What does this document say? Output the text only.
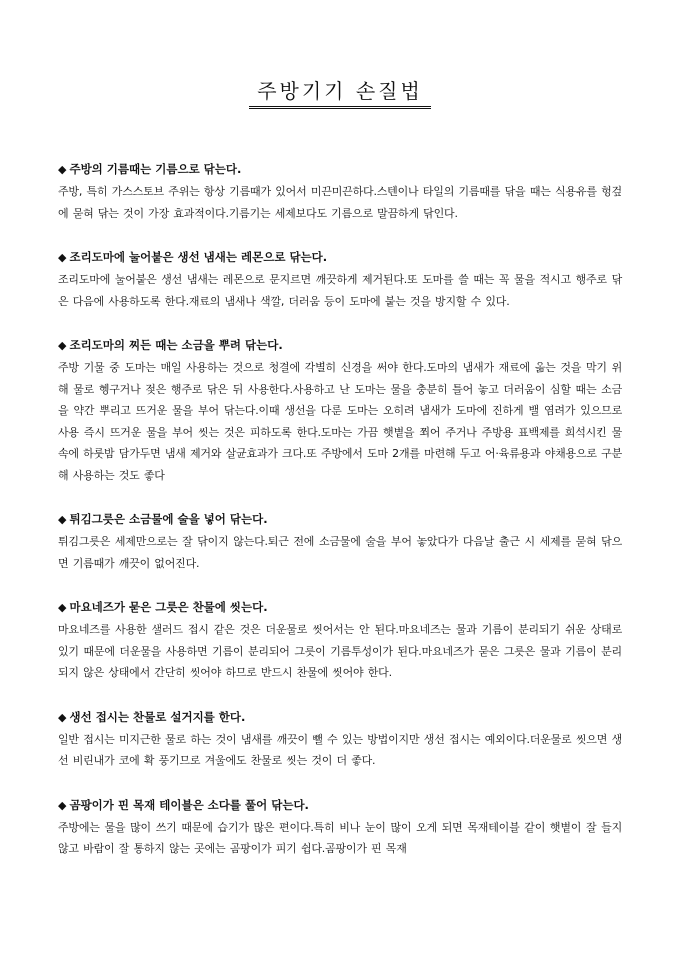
주방기기 손질법
◆ 주방의 기름때는 기름으로 닦는다.
주방, 특히 가스스토브 주위는 항상 기름때가 있어서 미끈미끈하다.스텐이나 타일의 기름때를 닦을 때는 식용유를 헝겊에 묻혀 닦는 것이 가장 효과적이다.기름기는 세제보다도 기름으로 말끔하게 닦인다.
◆ 조리도마에 눌어붙은 생선 냄새는 레몬으로 닦는다.
조리도마에 눌어붙은 생선 냄새는 레몬으로 문지르면 깨끗하게 제거된다.또 도마를 쓸 때는 꼭 물을 적시고 행주로 닦은 다음에 사용하도록 한다.재료의 냄새나 색깔, 더러움 등이 도마에 붙는 것을 방지할 수 있다.
◆ 조리도마의 찌든 때는 소금을 뿌려 닦는다.
주방 기물 중 도마는 매일 사용하는 것으로 청결에 각별히 신경을 써야 한다.도마의 냄새가 재료에 옮는 것을 막기 위해 물로 헹구거나 젖은 행주로 닦은 뒤 사용한다.사용하고 난 도마는 물을 충분히 틀어 놓고 더러움이 심할 때는 소금을 약간 뿌리고 뜨거운 물을 부어 닦는다.이때 생선을 다룬 도마는 오히려 냄새가 도마에 진하게 밸 염려가 있으므로 사용 즉시 뜨거운 물을 부어 씻는 것은 피하도록 한다.도마는 가끔 햇볕을 쬐어 주거나 주방용 표백제를 희석시킨 물 속에 하룻밤 담가두면 냄새 제거와 살균효과가 크다.또 주방에서 도마 2개를 마련해 두고 어·육류용과 야채용으로 구분해 사용하는 것도 좋다
◆ 튀김그릇은 소금물에 술을 넣어 닦는다.
튀김그릇은 세제만으로는 잘 닦이지 않는다.퇴근 전에 소금물에 술을 부어 놓았다가 다음날 출근 시 세제를 묻혀 닦으면 기름때가 깨끗이 없어진다.
◆ 마요네즈가 묻은 그릇은 찬물에 씻는다.
마요네즈를 사용한 샐러드 접시 같은 것은 더운물로 씻어서는 안 된다.마요네즈는 물과 기름이 분리되기 쉬운 상태로 있기 때문에 더운물을 사용하면 기름이 분리되어 그릇이 기름투성이가 된다.마요네즈가 묻은 그릇은 물과 기름이 분리되지 않은 상태에서 간단히 씻어야 하므로 반드시 찬물에 씻어야 한다.
◆ 생선 접시는 찬물로 설거지를 한다.
일반 접시는 미지근한 물로 하는 것이 냄새를 깨끗이 뺄 수 있는 방법이지만 생선 접시는 예외이다.더운물로 씻으면 생선 비린내가 코에 확 풍기므로 겨울에도 찬물로 씻는 것이 더 좋다.
◆ 곰팡이가 핀 목재 테이블은 소다를 풀어 닦는다.
주방에는 물을 많이 쓰기 때문에 습기가 많은 편이다.특히 비나 눈이 많이 오게 되면 목재테이블 같이 햇볕이 잘 들지 않고 바람이 잘 통하지 않는 곳에는 곰팡이가 피기 쉽다.곰팡이가 핀 목재
